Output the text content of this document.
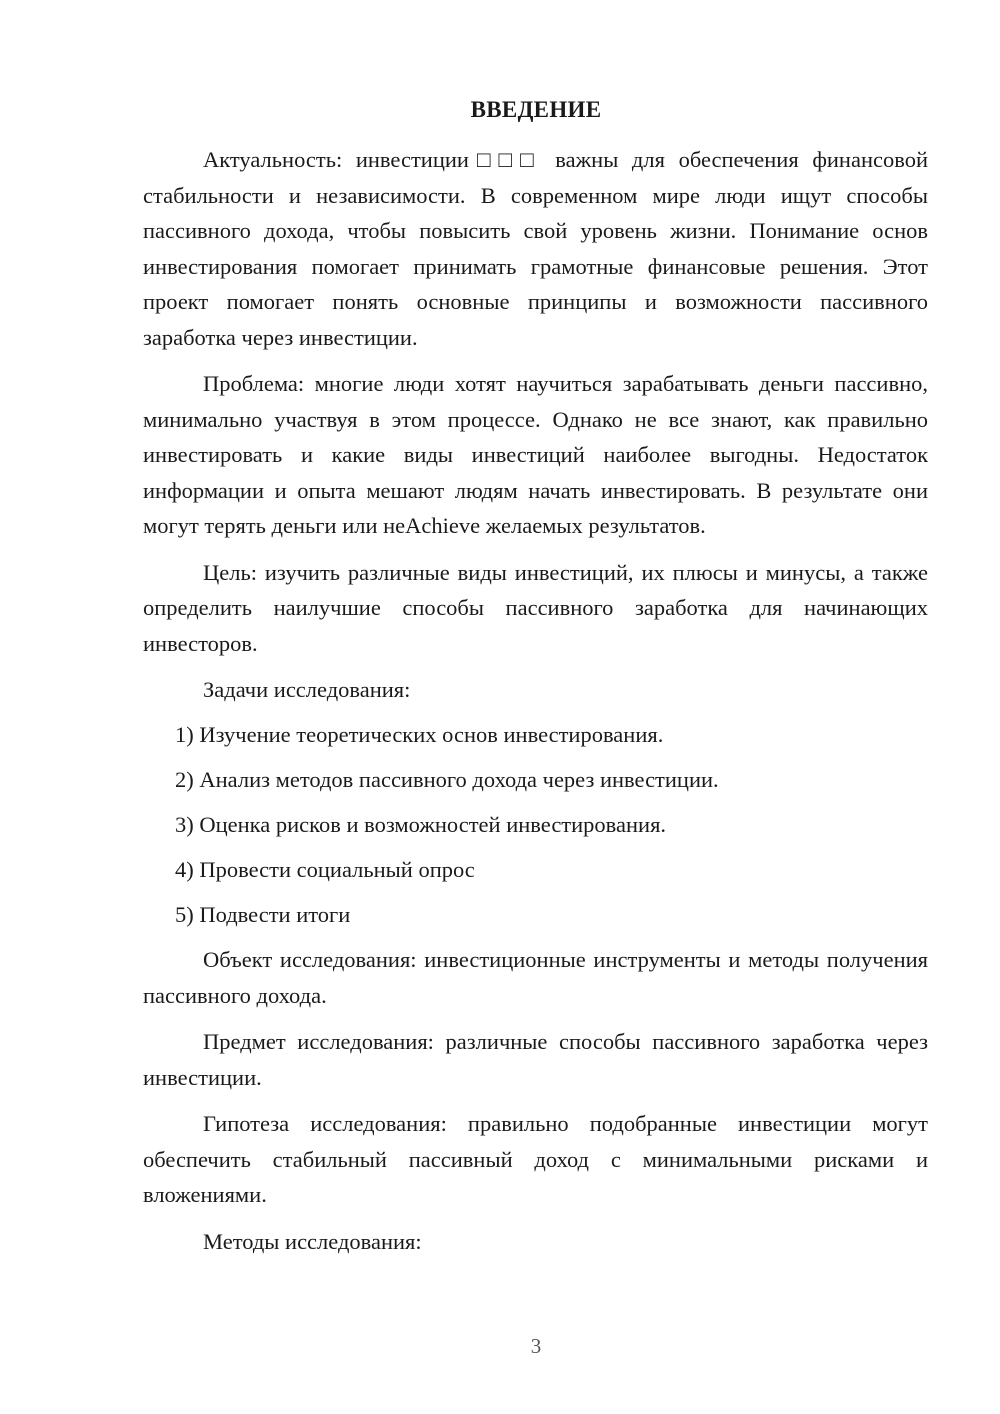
ВВЕДЕНИЕ

Актуальность: инвестиции□□□ важны для обеспечения финансовой стабильности и независимости. В современном мире люди ищут способы пассивного дохода, чтобы повысить свой уровень жизни. Понимание основ инвестирования помогает принимать грамотные финансовые решения. Этот проект помогает понять основные принципы и возможности пассивного заработка через инвестиции.

Проблема: многие люди хотят научиться зарабатывать деньги пассивно, минимально участвуя в этом процессе. Однако не все знают, как правильно инвестировать и какие виды инвестиций наиболее выгодны. Недостаток информации и опыта мешают людям начать инвестировать. В результате они могут терять деньги или неAchieve желаемых результатов.

Цель: изучить различные виды инвестиций, их плюсы и минусы, а также определить наилучшие способы пассивного заработка для начинающих инвесторов.

Задачи исследования:

1) Изучение теоретических основ инвестирования.
2) Анализ методов пассивного дохода через инвестиции.
3) Оценка рисков и возможностей инвестирования.
4) Провести социальный опрос
5) Подвести итоги

Объект исследования: инвестиционные инструменты и методы получения пассивного дохода.

Предмет исследования: различные способы пассивного заработка через инвестиции.

Гипотеза исследования: правильно подобранные инвестиции могут обеспечить стабильный пассивный доход с минимальными рисками и вложениями.

Методы исследования:

3
